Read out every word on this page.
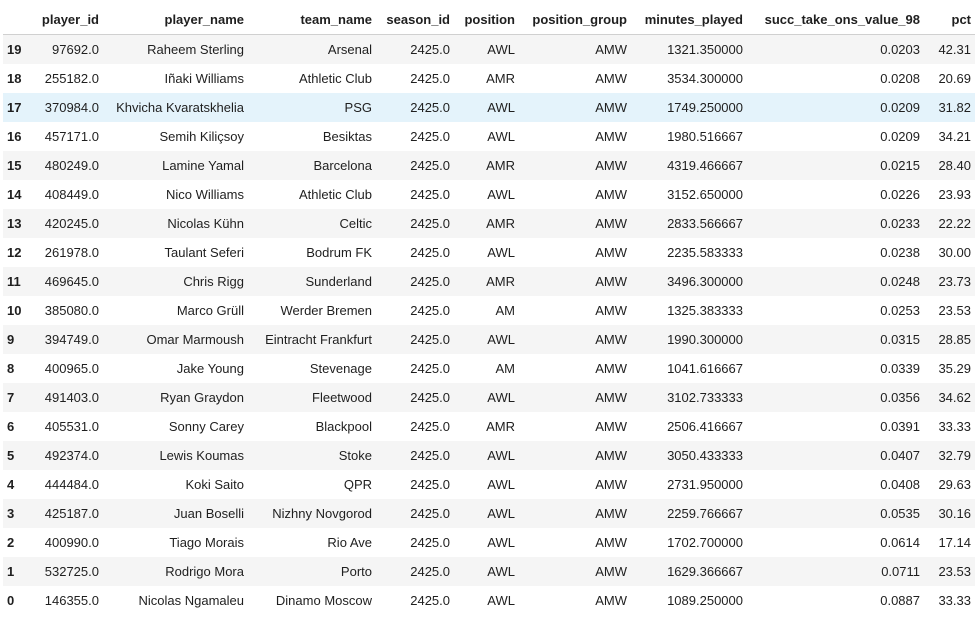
	player_id	player_name	team_name	season_id	position	position_group	minutes_played	succ_take_ons_value_98	pct
19	97692.0	Raheem Sterling	Arsenal	2425.0	AWL	AMW	1321.350000	0.0203	42.31
18	255182.0	Iñaki Williams	Athletic Club	2425.0	AMR	AMW	3534.300000	0.0208	20.69
17	370984.0	Khvicha Kvaratskhelia	PSG	2425.0	AWL	AMW	1749.250000	0.0209	31.82
16	457171.0	Semih Kiliçsoy	Besiktas	2425.0	AWL	AMW	1980.516667	0.0209	34.21
15	480249.0	Lamine Yamal	Barcelona	2425.0	AMR	AMW	4319.466667	0.0215	28.40
14	408449.0	Nico Williams	Athletic Club	2425.0	AWL	AMW	3152.650000	0.0226	23.93
13	420245.0	Nicolas Kühn	Celtic	2425.0	AMR	AMW	2833.566667	0.0233	22.22
12	261978.0	Taulant Seferi	Bodrum FK	2425.0	AWL	AMW	2235.583333	0.0238	30.00
11	469645.0	Chris Rigg	Sunderland	2425.0	AMR	AMW	3496.300000	0.0248	23.73
10	385080.0	Marco Grüll	Werder Bremen	2425.0	AM	AMW	1325.383333	0.0253	23.53
9	394749.0	Omar Marmoush	Eintracht Frankfurt	2425.0	AWL	AMW	1990.300000	0.0315	28.85
8	400965.0	Jake Young	Stevenage	2425.0	AM	AMW	1041.616667	0.0339	35.29
7	491403.0	Ryan Graydon	Fleetwood	2425.0	AWL	AMW	3102.733333	0.0356	34.62
6	405531.0	Sonny Carey	Blackpool	2425.0	AMR	AMW	2506.416667	0.0391	33.33
5	492374.0	Lewis Koumas	Stoke	2425.0	AWL	AMW	3050.433333	0.0407	32.79
4	444484.0	Koki Saito	QPR	2425.0	AWL	AMW	2731.950000	0.0408	29.63
3	425187.0	Juan Boselli	Nizhny Novgorod	2425.0	AWL	AMW	2259.766667	0.0535	30.16
2	400990.0	Tiago Morais	Rio Ave	2425.0	AWL	AMW	1702.700000	0.0614	17.14
1	532725.0	Rodrigo Mora	Porto	2425.0	AWL	AMW	1629.366667	0.0711	23.53
0	146355.0	Nicolas Ngamaleu	Dinamo Moscow	2425.0	AWL	AMW	1089.250000	0.0887	33.33
